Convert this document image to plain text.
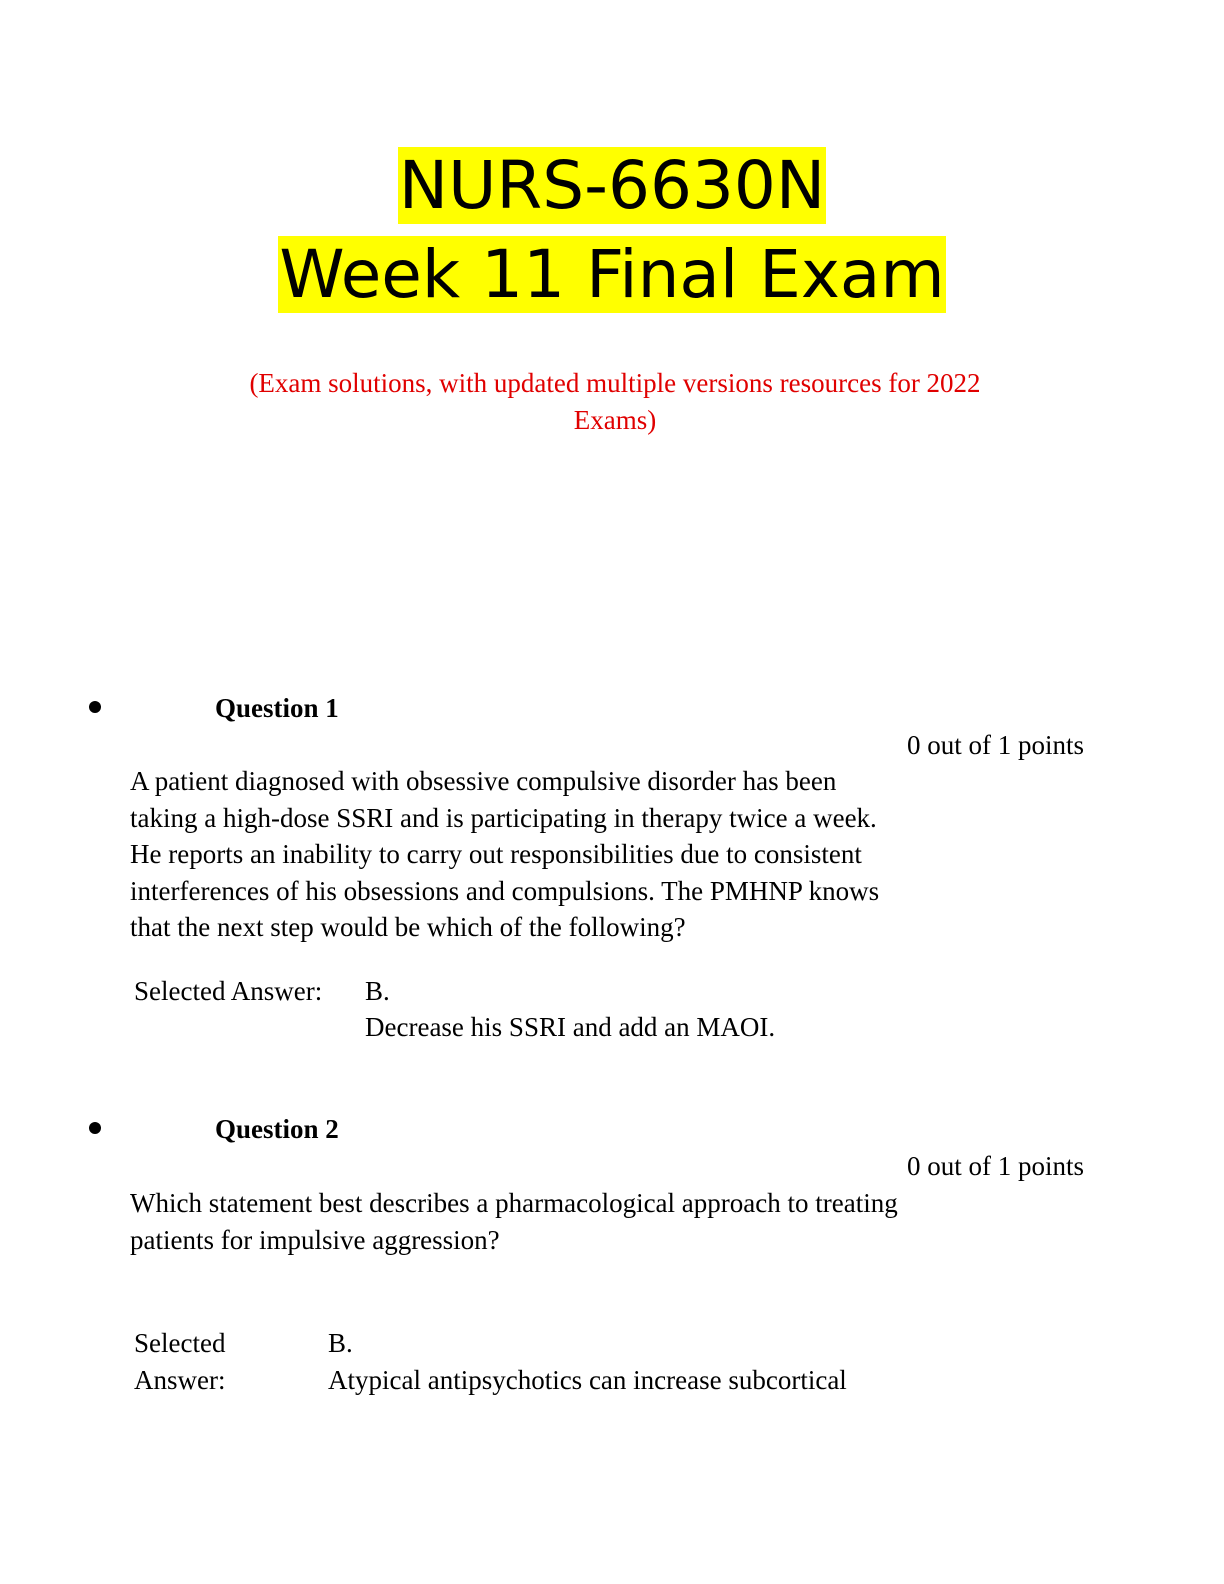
NURS-6630N
Week 11 Final Exam
(Exam solutions, with updated multiple versions resources for 2022
Exams)
Question 1
0 out of 1 points
A patient diagnosed with obsessive compulsive disorder has been
taking a high-dose SSRI and is participating in therapy twice a week.
He reports an inability to carry out responsibilities due to consistent
interferences of his obsessions and compulsions. The PMHNP knows
that the next step would be which of the following?
Selected Answer: B.
Decrease his SSRI and add an MAOI.
Question 2
0 out of 1 points
Which statement best describes a pharmacological approach to treating
patients for impulsive aggression?
Selected
Answer:
B.
Atypical antipsychotics can increase subcortical
